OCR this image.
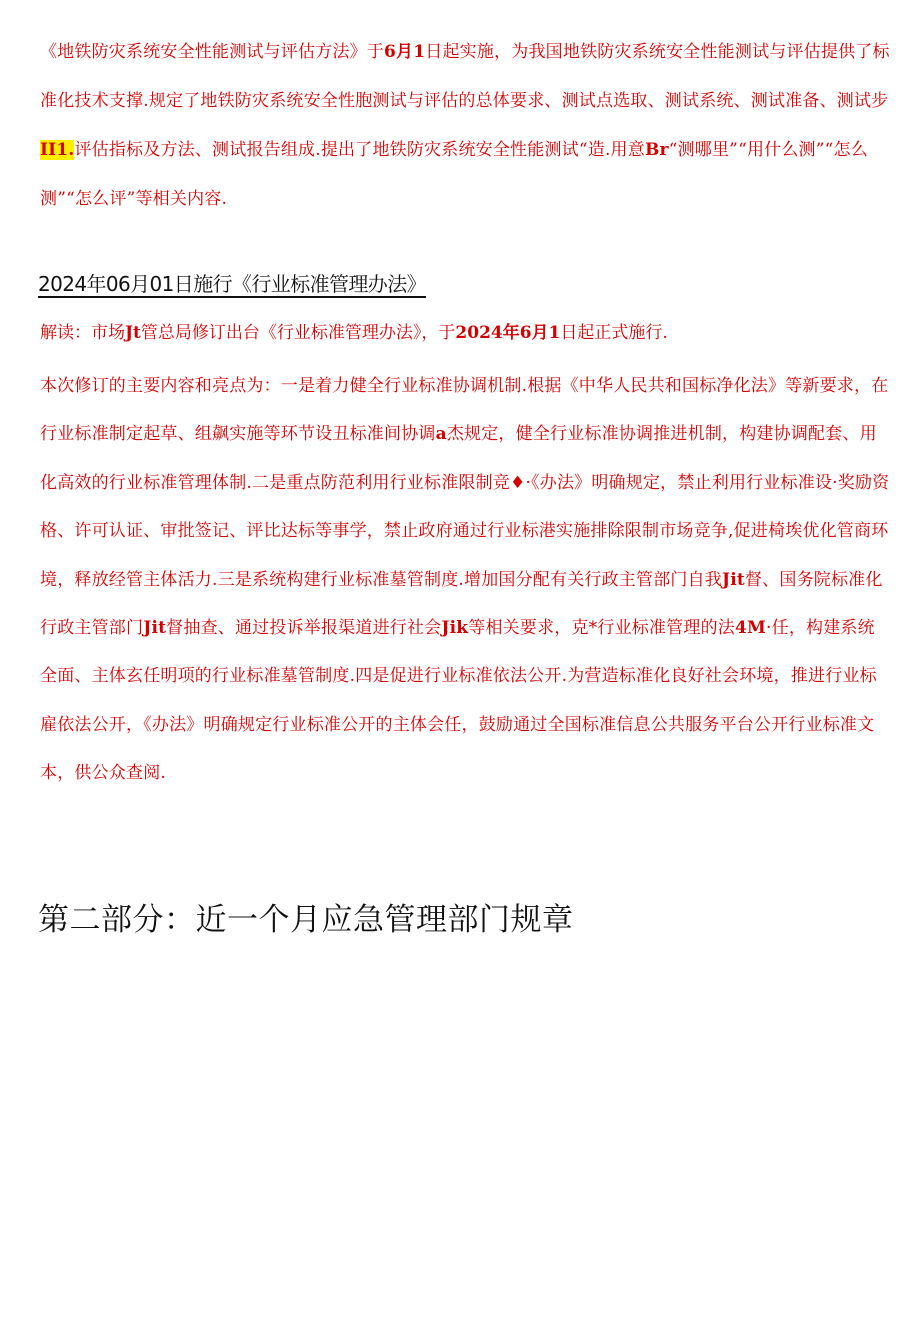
《地铁防灾系统安全性能测试与评估方法》于6月1日起实施，为我国地铁防灾系统安全性能测试与评估提供了标准化技术支撑.规定了地铁防灾系统安全性胞测试与评估的总体要求、测试点选取、测试系统、测试准备、测试步II1.评估指标及方法、测试报告组成.提出了地铁防灾系统安全性能测试“造.用意Br“测哪里”“用什么测”“怎么测”“怎么评”等相关内容.

2024年06月01日施行《行业标准管理办法》

解读：市场Jt管总局修订出台《行业标准管理办法》，于2024年6月1日起正式施行.

本次修订的主要内容和亮点为：一是着力健全行业标准协调机制.根据《中华人民共和国标净化法》等新要求，在行业标准制定起草、组飙实施等环节设丑标准间协调a杰规定，健全行业标准协调推进机制，构建协调配套、用化高效的行业标准管理体制.二是重点防范利用行业标淮限制竞♦·《办法》明确规定，禁止利用行业标准设·奖励资格、许可认证、审批签记、评比达标等事学，禁止政府通过行业标港实施排除限制市场竞争,促进椅埃优化管商环境，释放经管主体活力.三是系统构建行业标准墓管制度.增加国分配有关行政主管部门自我Jit督、国务院标准化行政主管部门Jit督抽查、通过投诉举报渠道进行社会Jik等相关要求，克*行业标准管理的法4M·任，构建系统全面、主体玄任明项的行业标准墓管制度.四是促进行业标准依法公开.为营造标准化良好社会环境，推进行业标雇依法公开，《办法》明确规定行业标准公开的主体会任，鼓励通过全国标准信息公共服务平台公开行业标准文本，供公众查阅.

第二部分：近一个月应急管理部门规章
